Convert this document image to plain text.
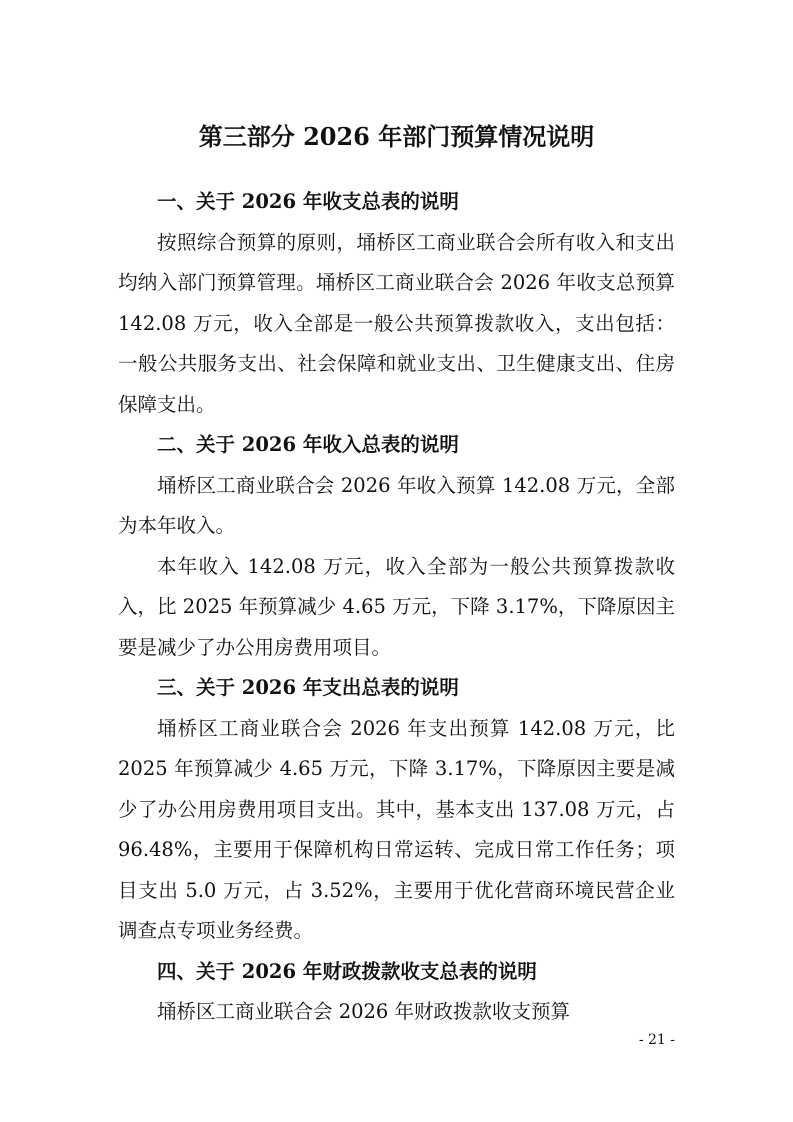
第三部分 2026 年部门预算情况说明
一、关于 2026 年收支总表的说明

按照综合预算的原则，埇桥区工商业联合会所有收入和支出均纳入部门预算管理。埇桥区工商业联合会 2026 年收支总预算 142.08 万元，收入全部是一般公共预算拨款收入，支出包括：一般公共服务支出、社会保障和就业支出、卫生健康支出、住房保障支出。

二、关于 2026 年收入总表的说明

埇桥区工商业联合会 2026 年收入预算 142.08 万元，全部为本年收入。

本年收入 142.08 万元，收入全部为一般公共预算拨款收入，比 2025 年预算减少 4.65 万元，下降 3.17%，下降原因主要是减少了办公用房费用项目。

三、关于 2026 年支出总表的说明

埇桥区工商业联合会 2026 年支出预算 142.08 万元，比 2025 年预算减少 4.65 万元，下降 3.17%，下降原因主要是减少了办公用房费用项目支出。其中，基本支出 137.08 万元，占 96.48%，主要用于保障机构日常运转、完成日常工作任务；项目支出 5.0 万元，占 3.52%，主要用于优化营商环境民营企业调查点专项业务经费。

四、关于 2026 年财政拨款收支总表的说明

埇桥区工商业联合会 2026 年财政拨款收支预算

- 21 -
